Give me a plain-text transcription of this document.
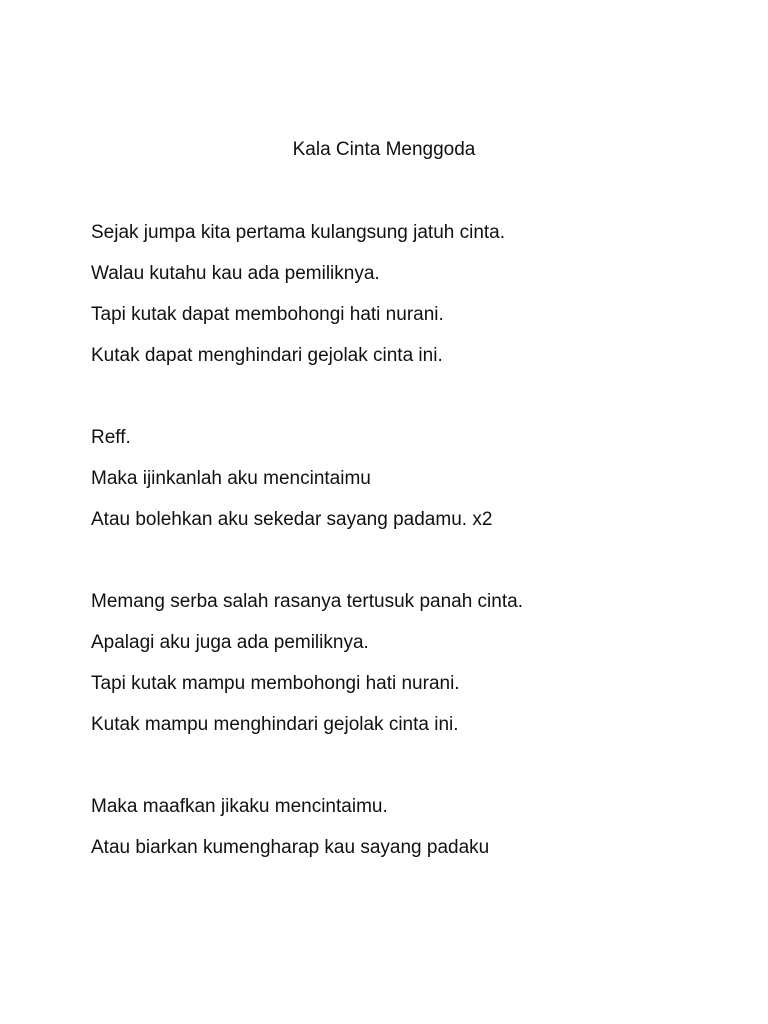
Kala Cinta Menggoda
Sejak jumpa kita pertama kulangsung jatuh cinta.
Walau kutahu kau ada pemiliknya.
Tapi kutak dapat membohongi hati nurani.
Kutak dapat menghindari gejolak cinta ini.
Reff.
Maka ijinkanlah aku mencintaimu
Atau bolehkan aku sekedar sayang padamu. x2
Memang serba salah rasanya tertusuk panah cinta.
Apalagi aku juga ada pemiliknya.
Tapi kutak mampu membohongi hati nurani.
Kutak mampu menghindari gejolak cinta ini.
Maka maafkan jikaku mencintaimu.
Atau biarkan kumengharap kau sayang padaku
